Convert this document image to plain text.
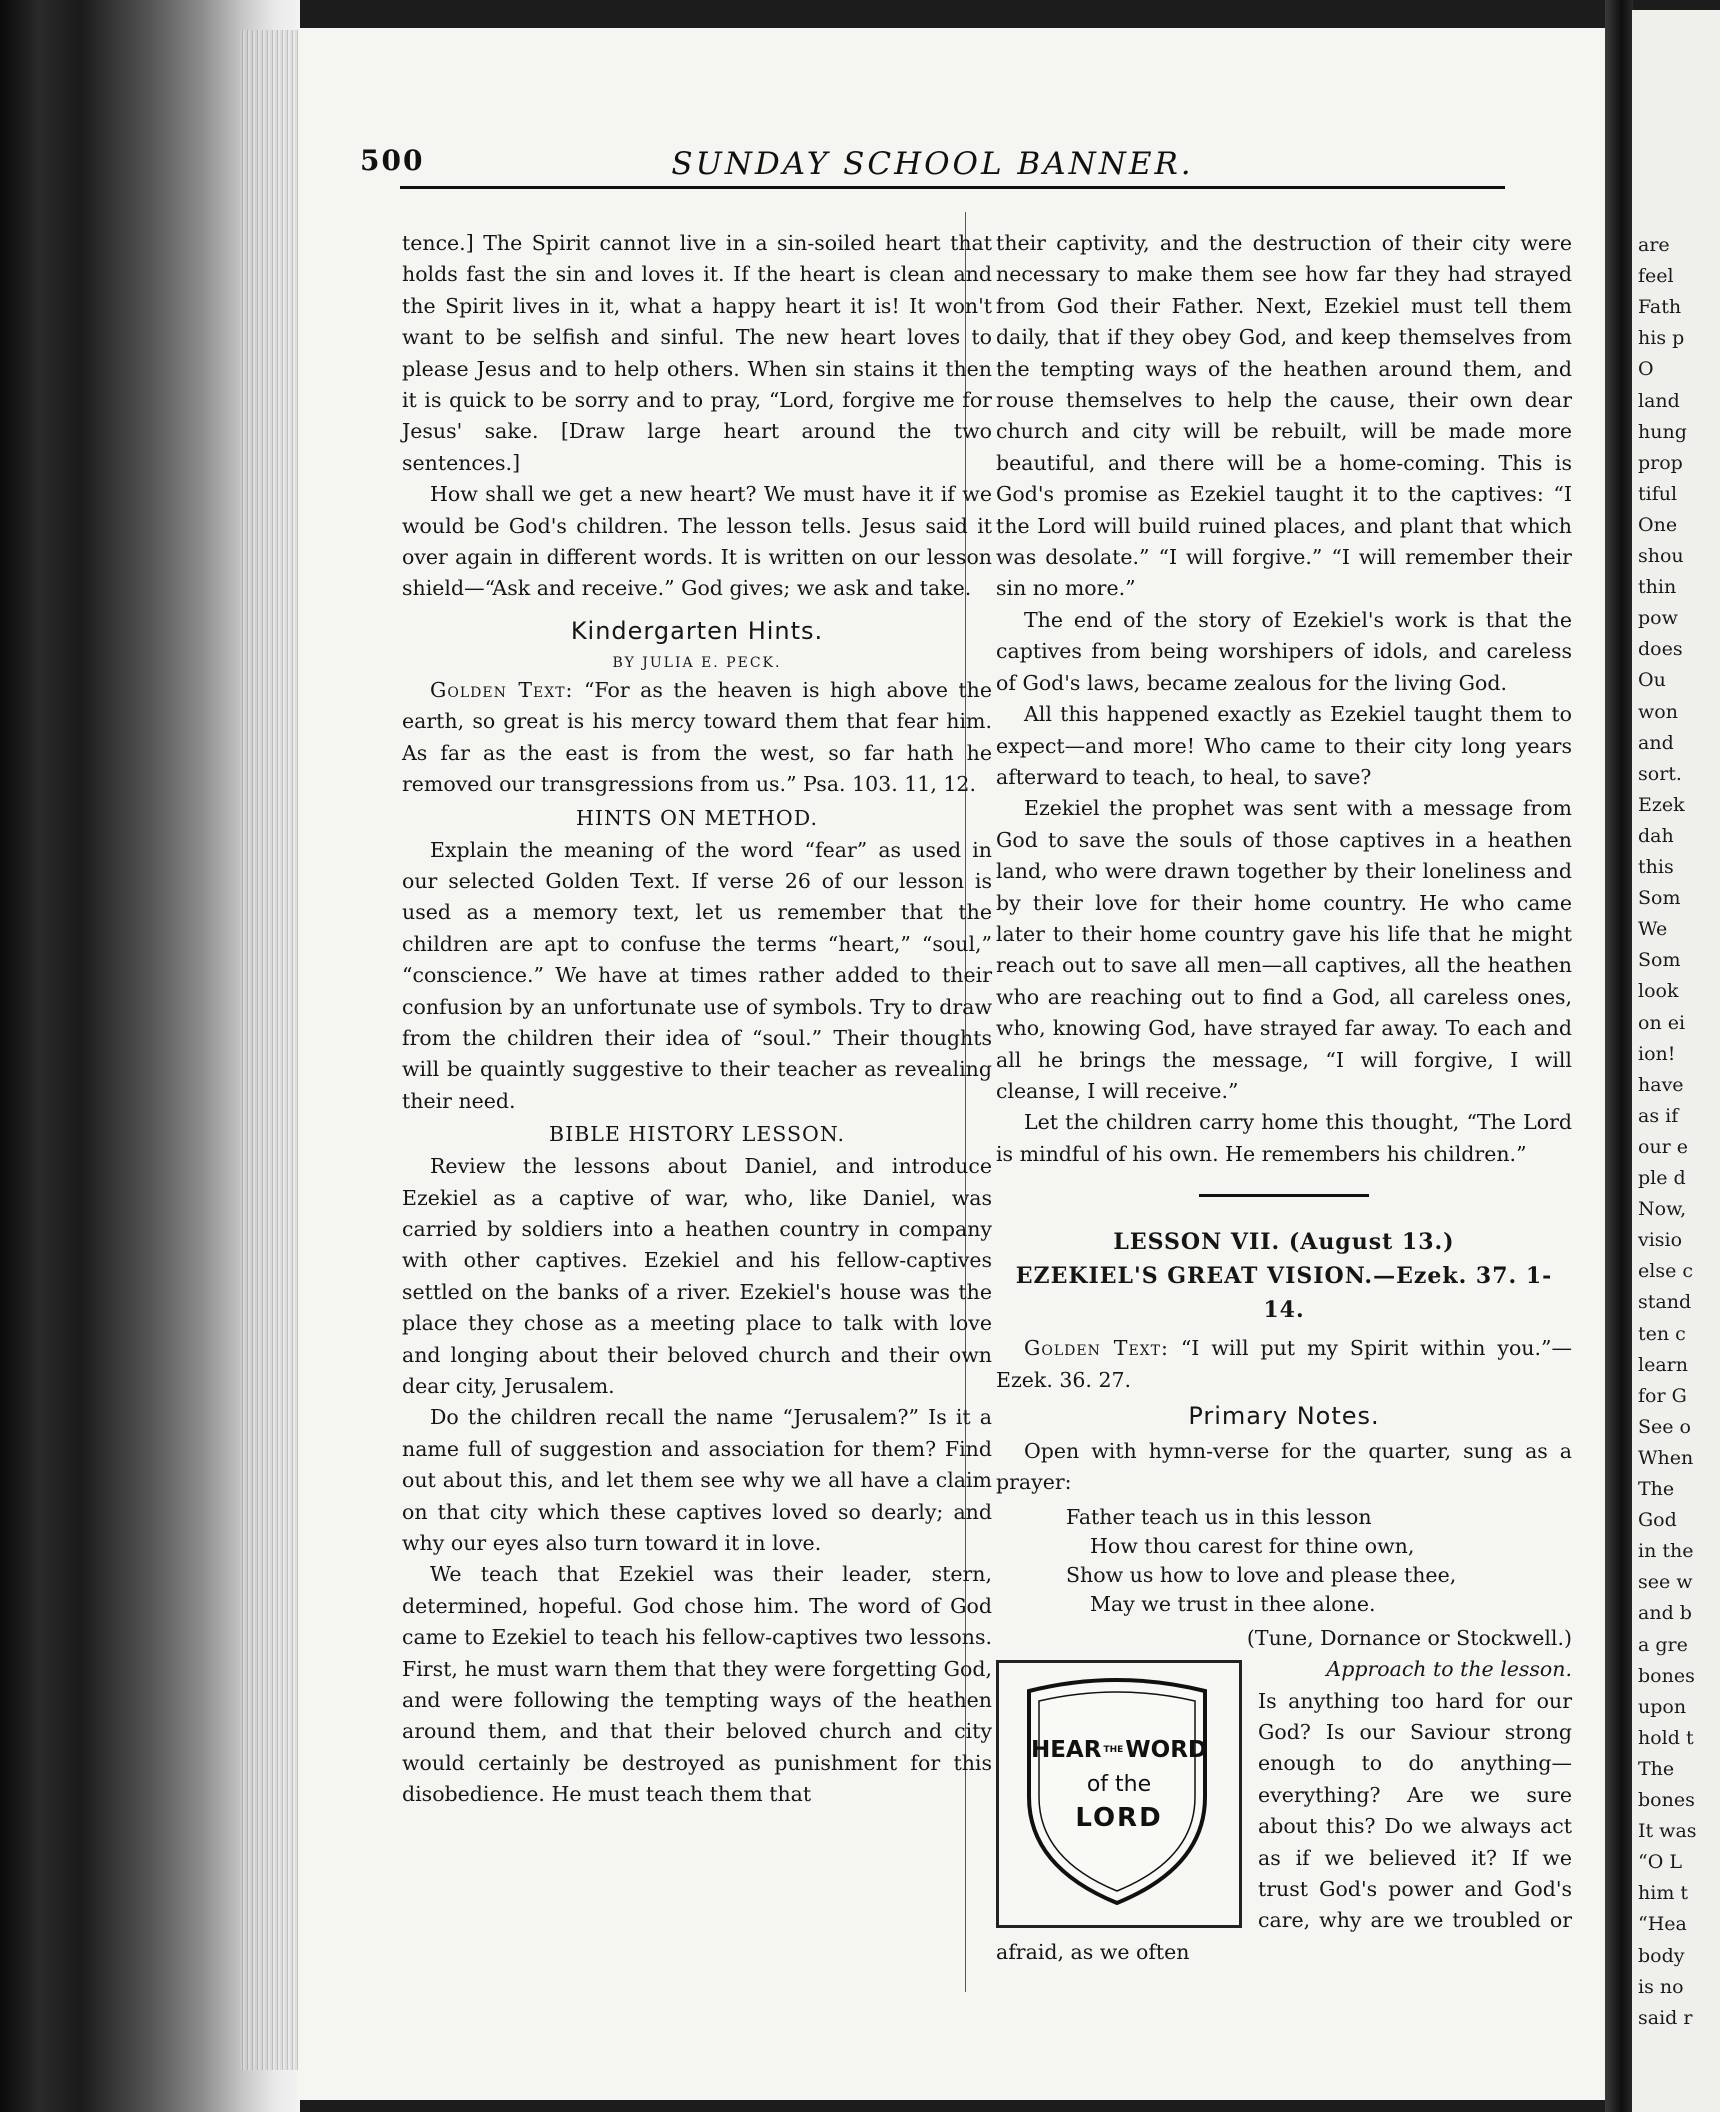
are
feel
Fath
his p
O
land
hung
prop
tiful
One
shou
thin
pow
does
Ou
won
and
sort.
Ezek
dah
this
Som
We
Som
look
on ei
ion!
have
as if
our e
ple d
Now,
visio
else c
stand
ten c
learn
for G
See o
When
The
God
in the
see w
and b
a gre
bones
upon
hold t
The
bones
It was
“O L
him t
“Hea
body
is no
said r
500	SUNDAY SCHOOL BANNER.

tence.] The Spirit cannot live in a sin-soiled heart that holds fast the sin and loves it. If the heart is clean and the Spirit lives in it, what a happy heart it is! It won't want to be selfish and sinful. The new heart loves to please Jesus and to help others. When sin stains it then it is quick to be sorry and to pray, “Lord, forgive me for Jesus' sake. [Draw large heart around the two sentences.]

How shall we get a new heart? We must have it if we would be God's children. The lesson tells. Jesus said it over again in different words. It is written on our lesson shield—“Ask and receive.” God gives; we ask and take.

Kindergarten Hints.
BY JULIA E. PECK.

Golden Text: “For as the heaven is high above the earth, so great is his mercy toward them that fear him. As far as the east is from the west, so far hath he removed our transgressions from us.” Psa. 103. 11, 12.

HINTS ON METHOD.

Explain the meaning of the word “fear” as used in our selected Golden Text. If verse 26 of our lesson is used as a memory text, let us remember that the children are apt to confuse the terms “heart,” “soul,” “conscience.” We have at times rather added to their confusion by an unfortunate use of symbols. Try to draw from the children their idea of “soul.” Their thoughts will be quaintly suggestive to their teacher as revealing their need.

BIBLE HISTORY LESSON.

Review the lessons about Daniel, and introduce Ezekiel as a captive of war, who, like Daniel, was carried by soldiers into a heathen country in company with other captives. Ezekiel and his fellow-captives settled on the banks of a river. Ezekiel's house was the place they chose as a meeting place to talk with love and longing about their beloved church and their own dear city, Jerusalem.

Do the children recall the name “Jerusalem?” Is it a name full of suggestion and association for them? Find out about this, and let them see why we all have a claim on that city which these captives loved so dearly; and why our eyes also turn toward it in love.

We teach that Ezekiel was their leader, stern, determined, hopeful. God chose him. The word of God came to Ezekiel to teach his fellow-captives two lessons. First, he must warn them that they were forgetting God, and were following the tempting ways of the heathen around them, and that their beloved church and city would certainly be destroyed as punishment for this disobedience. He must teach them that

their captivity, and the destruction of their city were necessary to make them see how far they had strayed from God their Father. Next, Ezekiel must tell them daily, that if they obey God, and keep themselves from the tempting ways of the heathen around them, and rouse themselves to help the cause, their own dear church and city will be rebuilt, will be made more beautiful, and there will be a home-coming. This is God's promise as Ezekiel taught it to the captives: “I the Lord will build ruined places, and plant that which was desolate.” “I will forgive.” “I will remember their sin no more.”

The end of the story of Ezekiel's work is that the captives from being worshipers of idols, and careless of God's laws, became zealous for the living God.

All this happened exactly as Ezekiel taught them to expect—and more! Who came to their city long years afterward to teach, to heal, to save?

Ezekiel the prophet was sent with a message from God to save the souls of those captives in a heathen land, who were drawn together by their loneliness and by their love for their home country. He who came later to their home country gave his life that he might reach out to save all men—all captives, all the heathen who are reaching out to find a God, all careless ones, who, knowing God, have strayed far away. To each and all he brings the message, “I will forgive, I will cleanse, I will receive.”

Let the children carry home this thought, “The Lord is mindful of his own. He remembers his children.”

LESSON VII. (August 13.)
EZEKIEL'S GREAT VISION.—Ezek. 37. 1-14.

Golden Text: “I will put my Spirit within you.”—Ezek. 36. 27.

Primary Notes.

Open with hymn-verse for the quarter, sung as a prayer:

Father teach us in this lesson
How thou carest for thine own,
Show us how to love and please thee,
May we trust in thee alone.
(Tune, Dornance or Stockwell.)
HEAR $^{THE}$WORD
of the
LORD
Approach to the lesson.

Is anything too hard for our God? Is our Saviour strong enough to do anything—everything? Are we sure about this? Do we always act as if we believed it? If we trust God's power and God's care, why are we troubled or afraid, as we often
